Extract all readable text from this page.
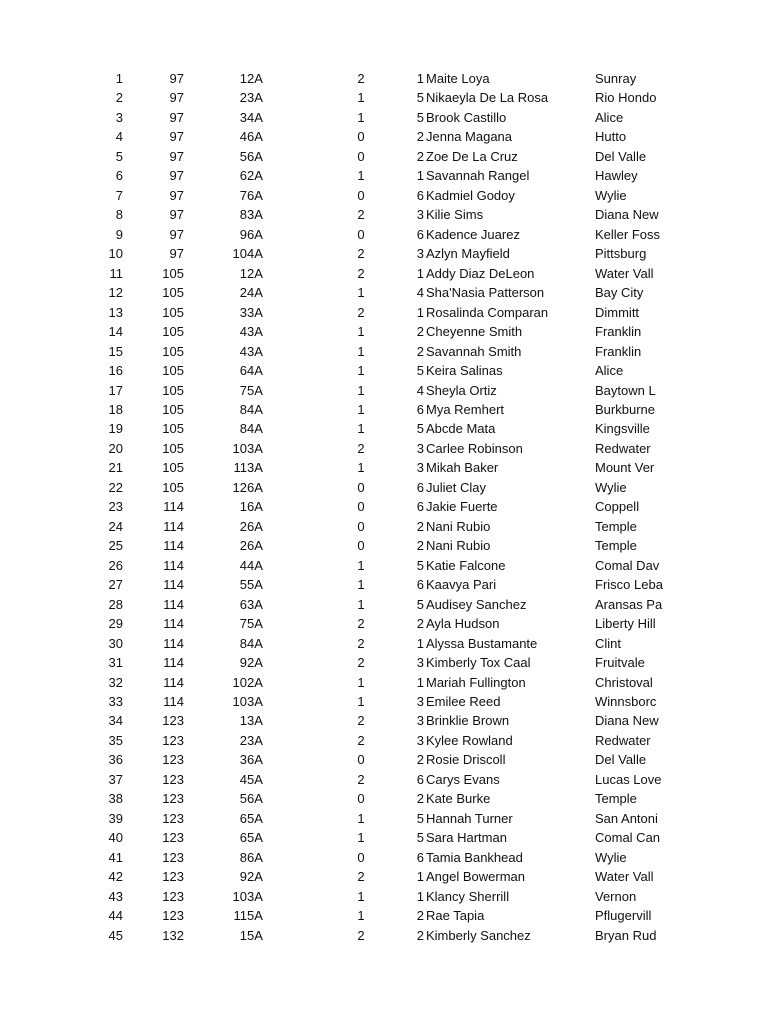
1	97	1 2A	2	1 Maite Loya	Sunray
2	97	2 3A	1	5 Nikaeyla De La Rosa	Rio Hondo
3	97	3 4A	1	5 Brook Castillo	Alice
4	97	4 6A	0	2 Jenna Magana	Hutto
5	97	5 6A	0	2 Zoe De La Cruz	Del Valle
6	97	6 2A	1	1 Savannah Rangel	Hawley
7	97	7 6A	0	6 Kadmiel Godoy	Wylie
8	97	8 3A	2	3 Kilie Sims	Diana New
9	97	9 6A	0	6 Kadence Juarez	Keller Foss
10	97	10 4A	2	3 Azlyn Mayfield	Pittsburg
11	105	1 2A	2	1 Addy Diaz DeLeon	Water Vall
12	105	2 4A	1	4 Sha'Nasia Patterson	Bay City
13	105	3 3A	2	1 Rosalinda Comparan	Dimmitt
14	105	4 3A	1	2 Cheyenne Smith	Franklin
15	105	4 3A	1	2 Savannah Smith	Franklin
16	105	6 4A	1	5 Keira Salinas	Alice
17	105	7 5A	1	4 Sheyla Ortiz	Baytown L
18	105	8 4A	1	6 Mya Remhert	Burkburne
19	105	8 4A	1	5 Abcde Mata	Kingsville
20	105	10 3A	2	3 Carlee Robinson	Redwater
21	105	11 3A	1	3 Mikah Baker	Mount Ver
22	105	12 6A	0	6 Juliet Clay	Wylie
23	114	1 6A	0	6 Jakie Fuerte	Coppell
24	114	2 6A	0	2 Nani Rubio	Temple
25	114	2 6A	0	2 Nani Rubio	Temple
26	114	4 4A	1	5 Katie Falcone	Comal Dav
27	114	5 5A	1	6 Kaavya Pari	Frisco Leba
28	114	6 3A	1	5 Audisey Sanchez	Aransas Pa
29	114	7 5A	2	2 Ayla Hudson	Liberty Hill
30	114	8 4A	2	1 Alyssa Bustamante	Clint
31	114	9 2A	2	3 Kimberly Tox Caal	Fruitvale
32	114	10 2A	1	1 Mariah Fullington	Christoval
33	114	10 3A	1	3 Emilee Reed	Winnsborc
34	123	1 3A	2	3 Brinklie Brown	Diana New
35	123	2 3A	2	3 Kylee Rowland	Redwater
36	123	3 6A	0	2 Rosie Driscoll	Del Valle
37	123	4 5A	2	6 Carys Evans	Lucas Love
38	123	5 6A	0	2 Kate Burke	Temple
39	123	6 5A	1	5 Hannah Turner	San Antoni
40	123	6 5A	1	5 Sara Hartman	Comal Can
41	123	8 6A	0	6 Tamia Bankhead	Wylie
42	123	9 2A	2	1 Angel Bowerman	Water Vall
43	123	10 3A	1	1 Klancy Sherrill	Vernon
44	123	11 5A	1	2 Rae Tapia	Pflugervill
45	132	1 5A	2	2 Kimberly Sanchez	Bryan Rud
